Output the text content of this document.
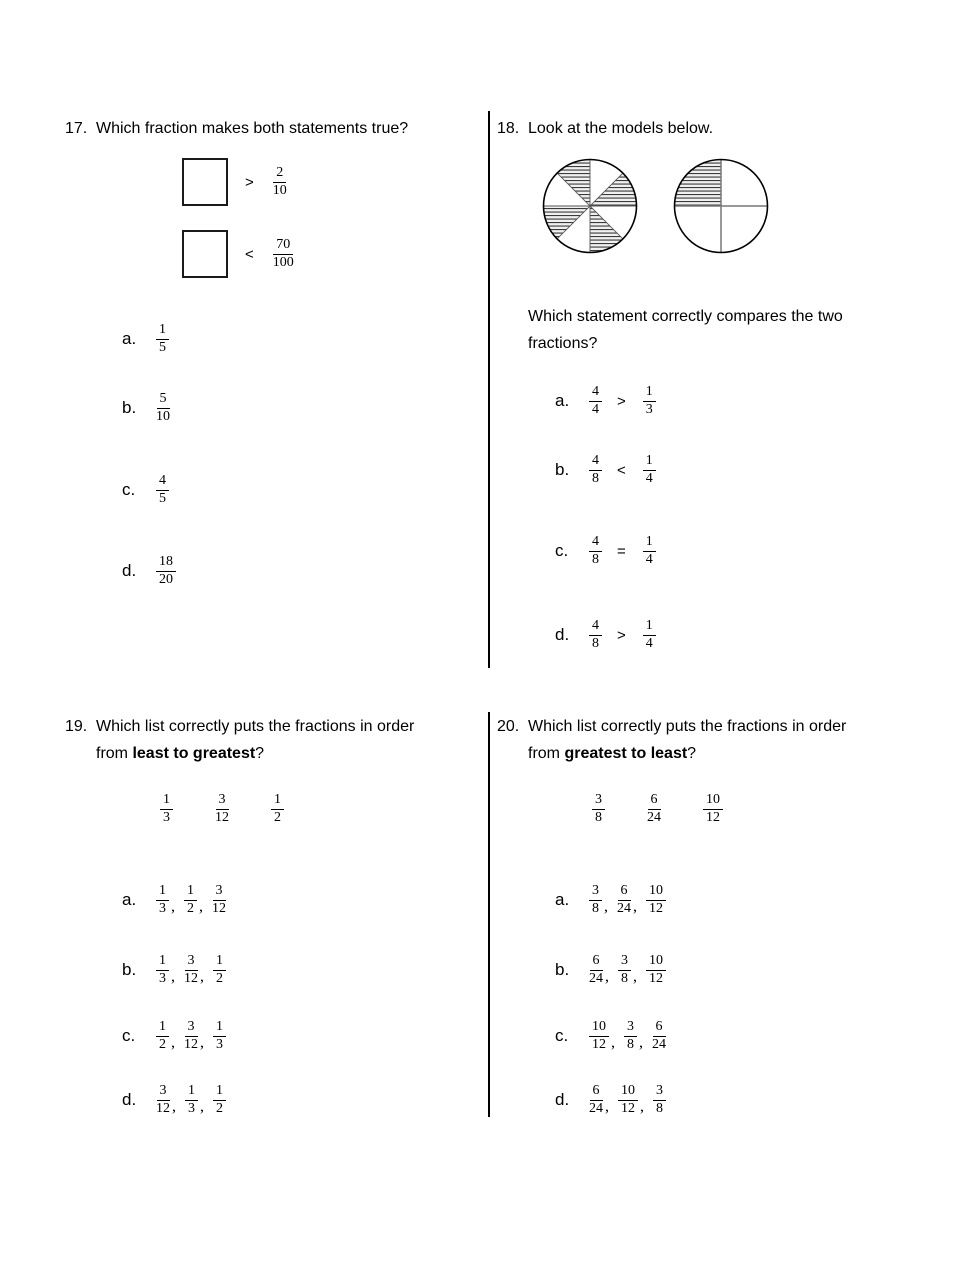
17. Which fraction makes both statements true?
> $\frac{2}{10}$
< $\frac{70}{100}$
a.	$\frac{1}{5}$
b.	$\frac{5}{10}$
c.	$\frac{4}{5}$
d.	$\frac{18}{20}$
18. Look at the models below.
Which statement correctly compares the two
fractions?
a.	$\frac{4}{4} > \frac{1}{3}$
b.	$\frac{4}{8} < \frac{1}{4}$
c.	$\frac{4}{8} = \frac{1}{4}$
d.	$\frac{4}{8} > \frac{1}{4}$
19. Which list correctly puts the fractions in order
from least to greatest?
$\frac{1}{3}$	$\frac{3}{12}$	$\frac{1}{2}$
a.	$\frac{1}{3}$ , $\frac{1}{2}$ , $\frac{3}{12}$
b.	$\frac{1}{3}$ , $\frac{3}{12}$ , $\frac{1}{2}$
c.	$\frac{1}{2}$ , $\frac{3}{12}$ , $\frac{1}{3}$
d.	$\frac{3}{12}$ , $\frac{1}{3}$ , $\frac{1}{2}$
20. Which list correctly puts the fractions in order
from greatest to least?
$\frac{3}{8}$	$\frac{6}{24}$	$\frac{10}{12}$
a.	$\frac{3}{8}$ , $\frac{6}{24}$ , $\frac{10}{12}$
b.	$\frac{6}{24}$ , $\frac{3}{8}$ , $\frac{10}{12}$
c.	$\frac{10}{12}$ , $\frac{3}{8}$ , $\frac{6}{24}$
d.	$\frac{6}{24}$ , $\frac{10}{12}$ , $\frac{3}{8}$
